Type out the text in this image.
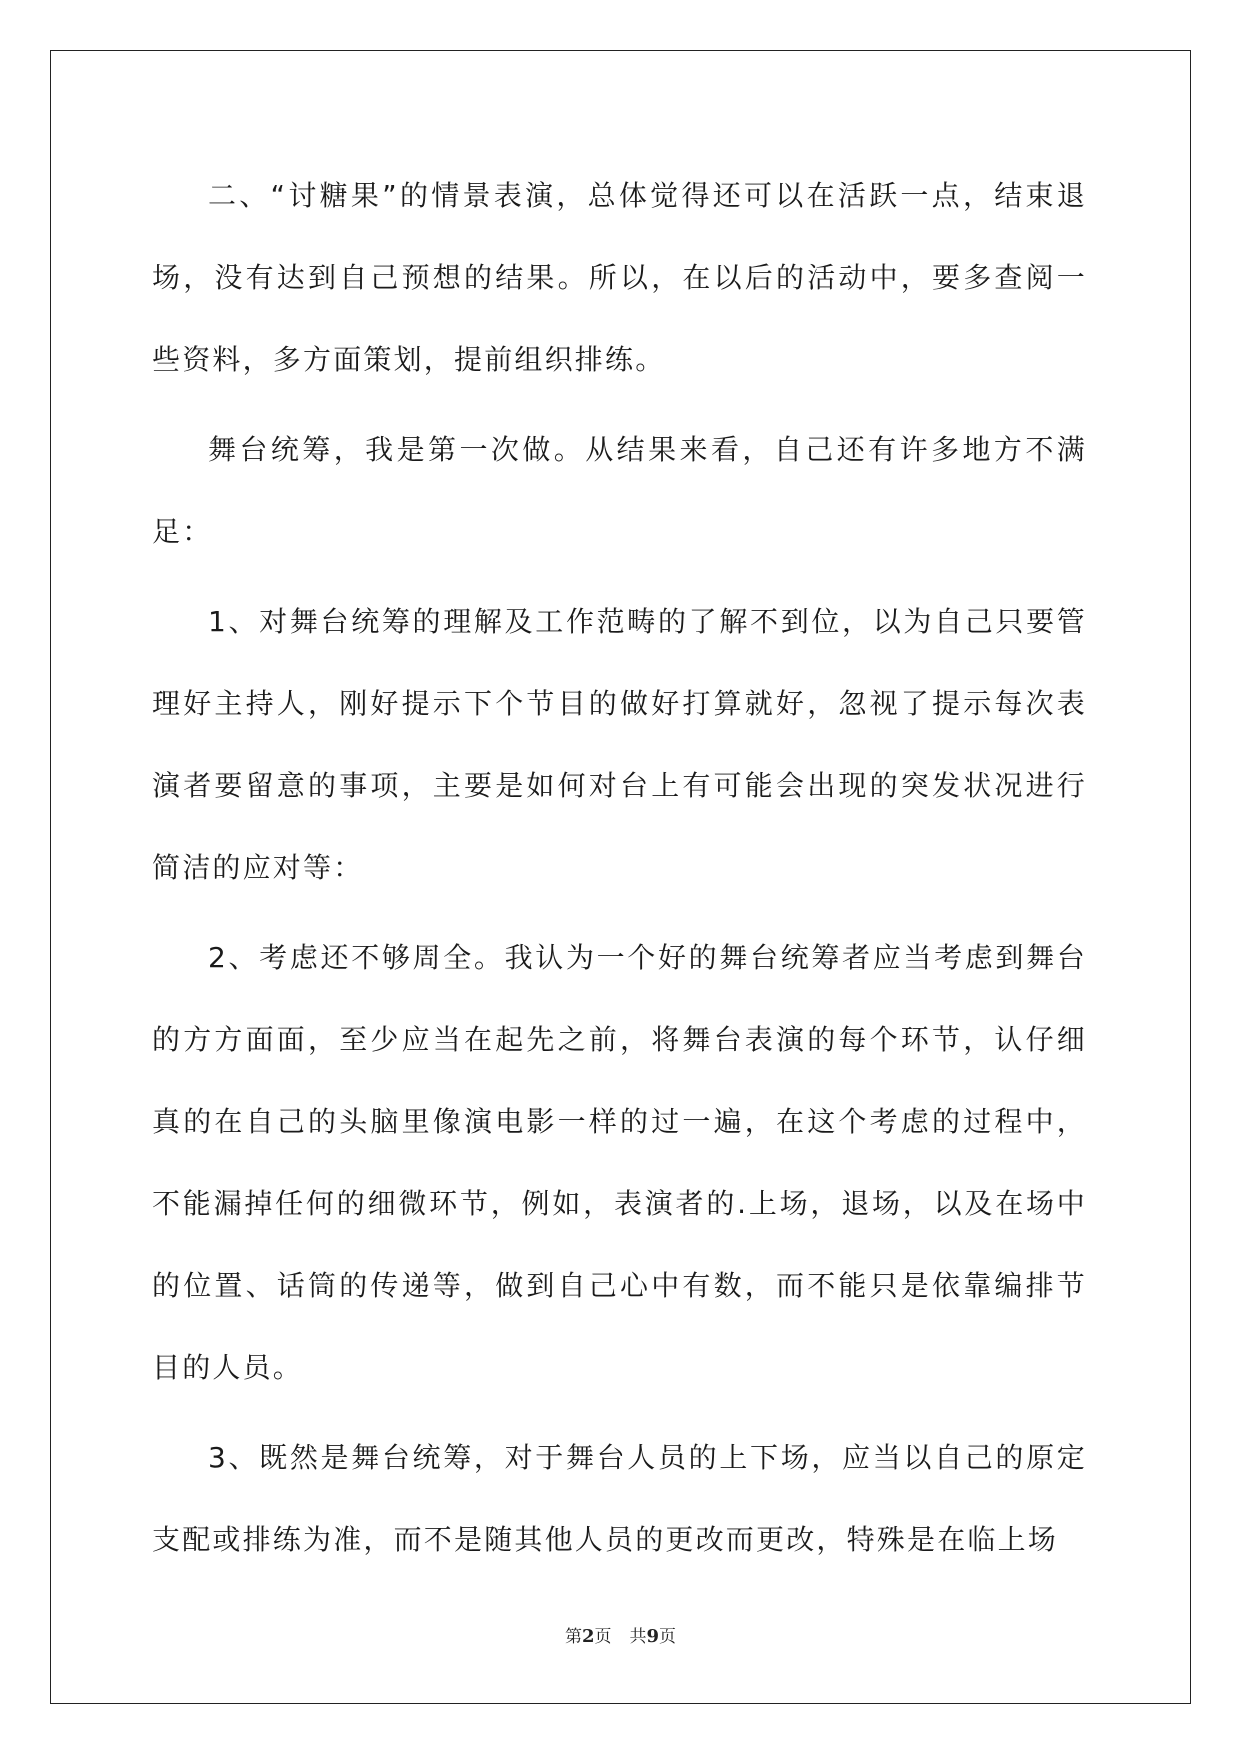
二、“讨糖果”的情景表演，总体觉得还可以在活跃一点，结束退场，没有达到自己预想的结果。所以，在以后的活动中，要多查阅一些资料，多方面策划，提前组织排练。

舞台统筹，我是第一次做。从结果来看，自己还有许多地方不满足：

1、对舞台统筹的理解及工作范畴的了解不到位，以为自己只要管理好主持人，刚好提示下个节目的做好打算就好，忽视了提示每次表演者要留意的事项，主要是如何对台上有可能会出现的突发状况进行简洁的应对等：

2、考虑还不够周全。我认为一个好的舞台统筹者应当考虑到舞台的方方面面，至少应当在起先之前，将舞台表演的每个环节，认仔细真的在自己的头脑里像演电影一样的过一遍，在这个考虑的过程中，不能漏掉任何的细微环节，例如，表演者的.上场，退场，以及在场中的位置、话筒的传递等，做到自己心中有数，而不能只是依靠编排节目的人员。

3、既然是舞台统筹，对于舞台人员的上下场，应当以自己的原定支配或排练为准，而不是随其他人员的更改而更改，特殊是在临上场

第2页 共9页
